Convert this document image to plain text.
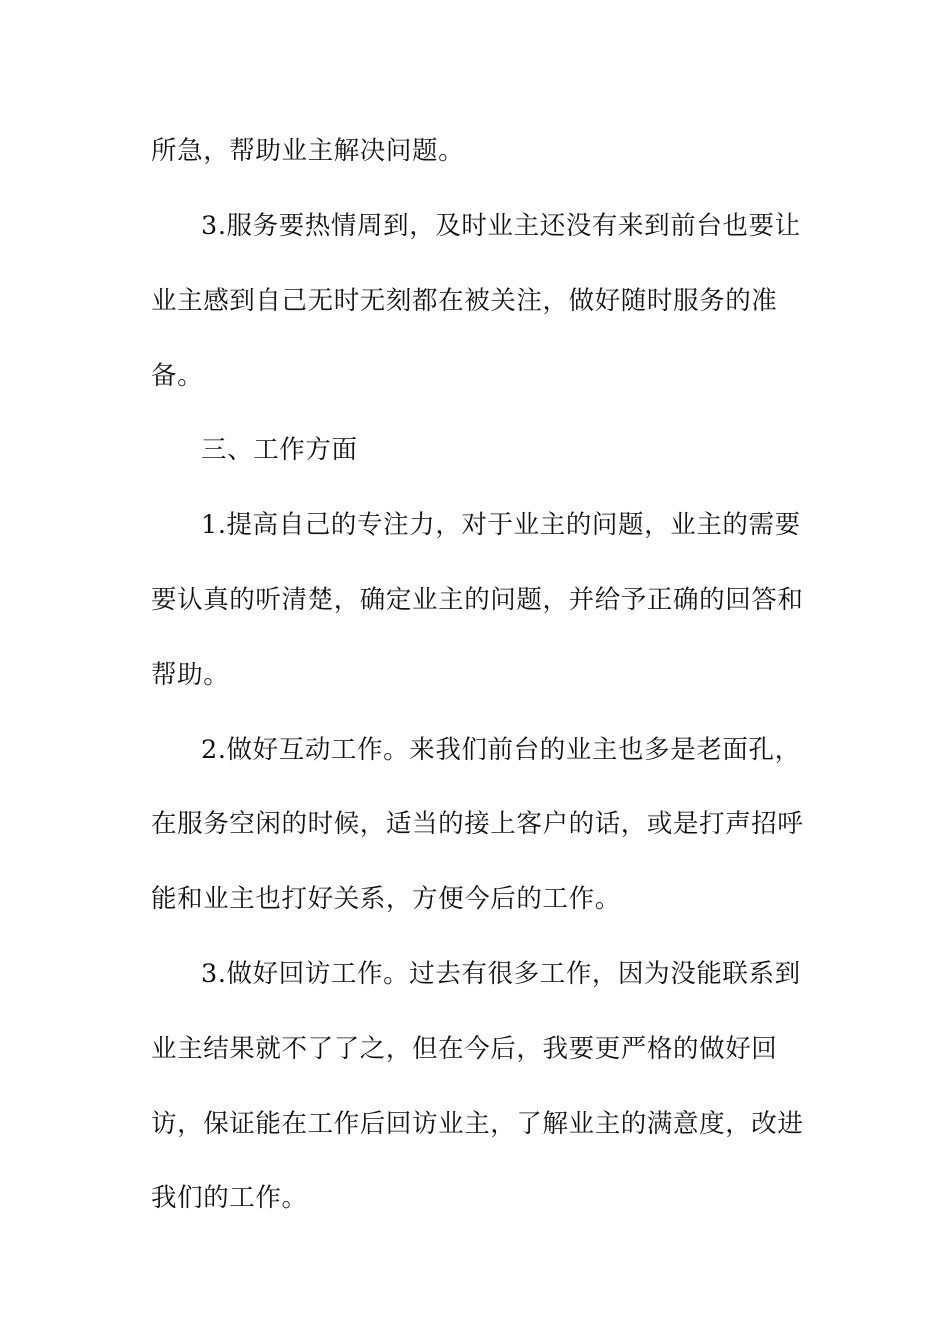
所急，帮助业主解决问题。
3.服务要热情周到，及时业主还没有来到前台也要让
业主感到自己无时无刻都在被关注，做好随时服务的准
备。
三、工作方面
1.提高自己的专注力，对于业主的问题，业主的需要
要认真的听清楚，确定业主的问题，并给予正确的回答和
帮助。
2.做好互动工作。来我们前台的业主也多是老面孔，
在服务空闲的时候，适当的接上客户的话，或是打声招呼
能和业主也打好关系，方便今后的工作。
3.做好回访工作。过去有很多工作，因为没能联系到
业主结果就不了了之，但在今后，我要更严格的做好回
访，保证能在工作后回访业主，了解业主的满意度，改进
我们的工作。
